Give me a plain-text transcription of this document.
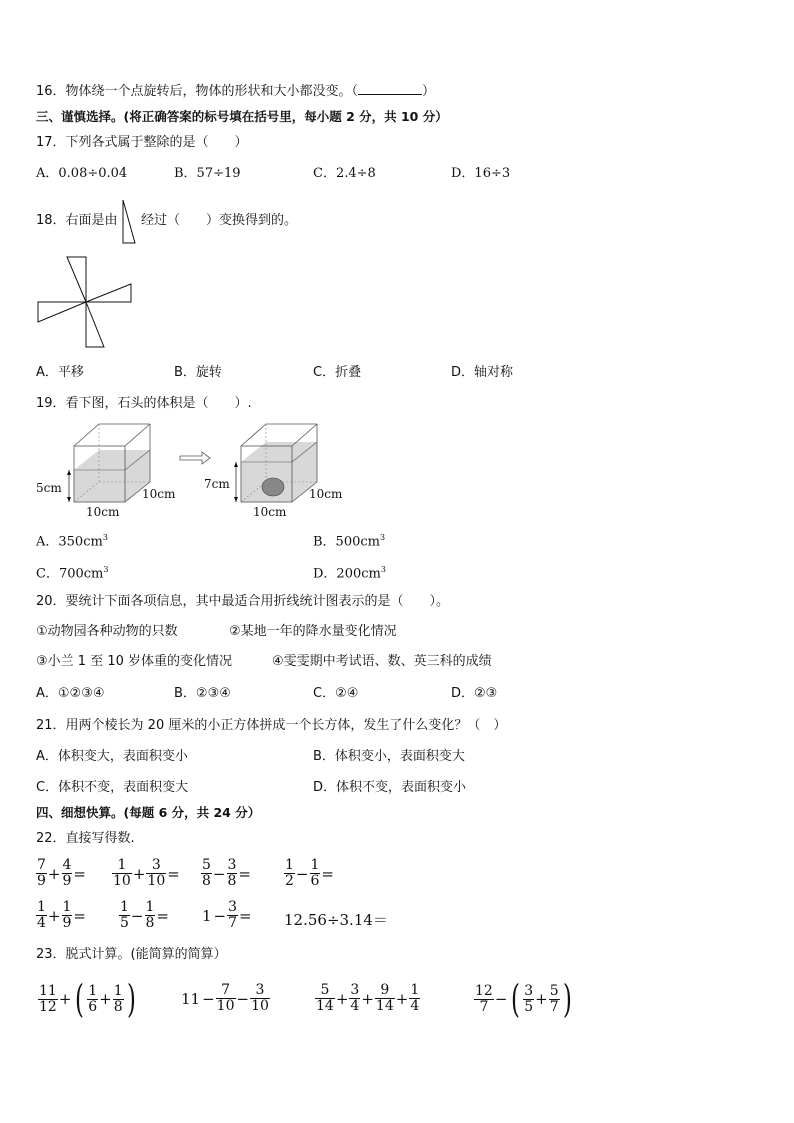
16．物体绕一个点旋转后，物体的形状和大小都没变。（	）
三、谨慎选择。(将正确答案的标号填在括号里，每小题 2 分，共 10 分）
17．下列各式属于整除的是（　　）
A．0.08÷0.04	B．57÷19	C．2.4÷8	D．16÷3
18．右面是由 经过（　　）变换得到的。
A．平移	B．旋转	C．折叠	D．轴对称
19．看下图，石头的体积是（　　）.
5cm
10cm
10cm
7cm
10cm
10cm
A．$350cm^3$	B．$500cm^3$
C．$700cm^3$	D．$200cm^3$
20．要统计下面各项信息，其中最适合用折线统计图表示的是（　　）。
①动物园各种动物的只数	②某地一年的降水量变化情况
③小兰 1 至 10 岁体重的变化情况	④雯雯期中考试语、数、英三科的成绩
A．①②③④	B．②③④	C．②④	D．②③
21．用两个棱长为 20 厘米的小正方体拼成一个长方体，发生了什么变化？（　）
A．体积变大，表面积变小	B．体积变小，表面积变大
C．体积不变，表面积变大	D．体积不变，表面积变小
四、细想快算。(每题 6 分，共 24 分）
22．直接写得数.
$\frac{7}{9} + \frac{4}{9} = \frac{1}{10} + \frac{3}{10} = \frac{5}{8} - \frac{3}{8} = \frac{1}{2} - \frac{1}{6}$ =
$\frac{1}{4} + \frac{1}{9} = \frac{1}{5} - \frac{1}{8} = 1 - \frac{3}{7} = 12.56\div 3.14=$
23．脱式计算。(能简算的简算）
$\frac{11}{12}$ + ( $\frac{1}{6} + \frac{1}{8}$ )	$11 - \frac{7}{10} - \frac{3}{10}$	$\frac{5}{14} + \frac{3}{4} + \frac{9}{14} + \frac{1}{4}$	$\frac{12}{7}$ − ( $\frac{3}{5} + \frac{5}{7}$ )
